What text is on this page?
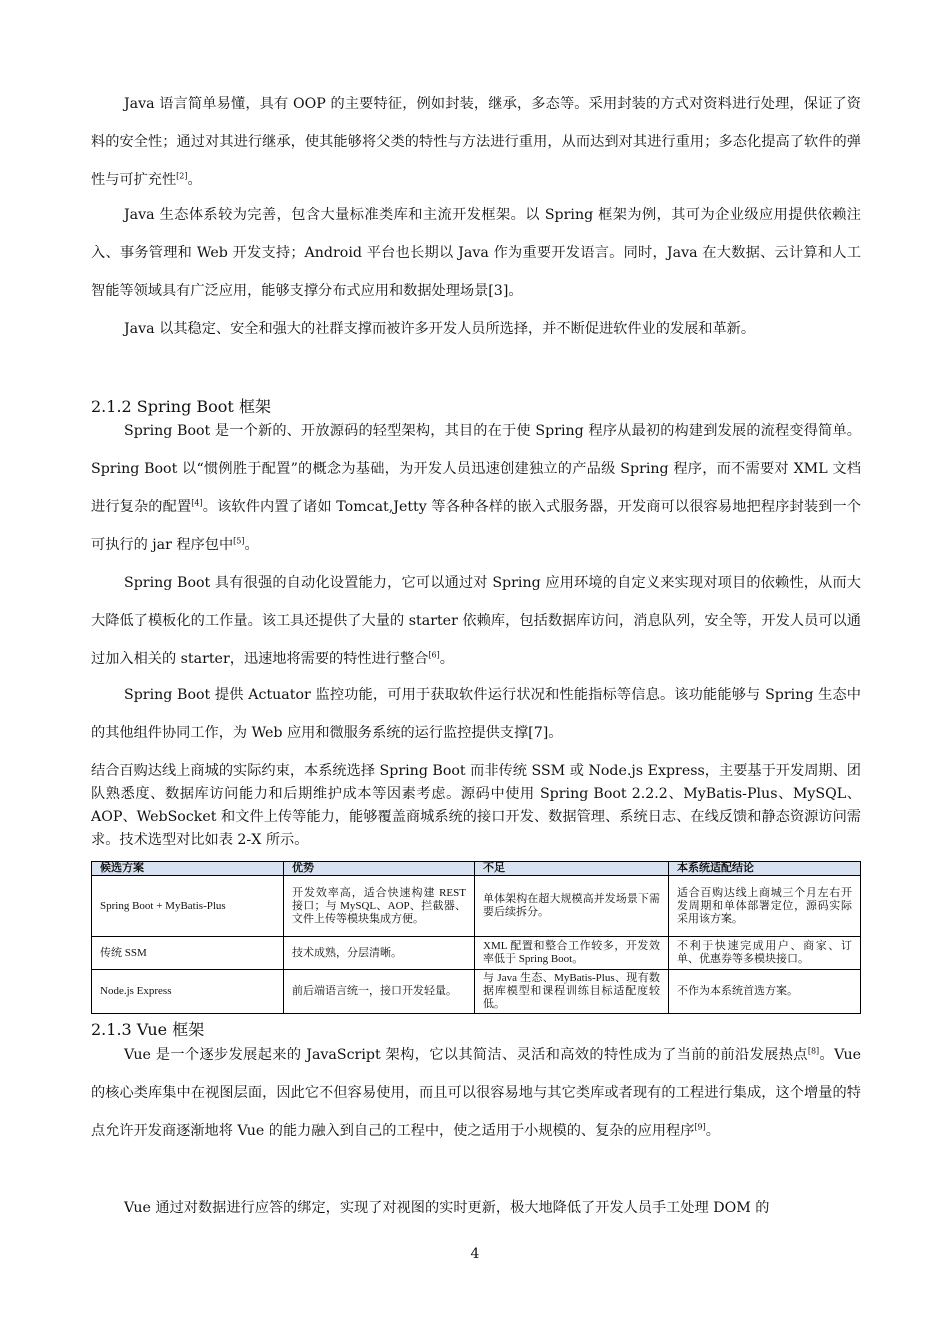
Java 语言简单易懂，具有 OOP 的主要特征，例如封装，继承，多态等。采用封装的方式对资料进行处理，保证了资料的安全性；通过对其进行继承，使其能够将父类的特性与方法进行重用，从而达到对其进行重用；多态化提高了软件的弹性与可扩充性[2]。

Java 生态体系较为完善，包含大量标准类库和主流开发框架。以 Spring 框架为例，其可为企业级应用提供依赖注入、事务管理和 Web 开发支持；Android 平台也长期以 Java 作为重要开发语言。同时，Java 在大数据、云计算和人工智能等领域具有广泛应用，能够支撑分布式应用和数据处理场景[3]。

Java 以其稳定、安全和强大的社群支撑而被许多开发人员所选择，并不断促进软件业的发展和革新。

2.1.2 Spring Boot 框架

Spring Boot 是一个新的、开放源码的轻型架构，其目的在于使 Spring 程序从最初的构建到发展的流程变得简单。Spring Boot 以“惯例胜于配置”的概念为基础，为开发人员迅速创建独立的产品级 Spring 程序，而不需要对 XML 文档进行复杂的配置[4]。该软件内置了诸如 Tomcat,Jetty 等各种各样的嵌入式服务器，开发商可以很容易地把程序封装到一个可执行的 jar 程序包中[5]。

Spring Boot 具有很强的自动化设置能力，它可以通过对 Spring 应用环境的自定义来实现对项目的依赖性，从而大大降低了模板化的工作量。该工具还提供了大量的 starter 依赖库，包括数据库访问，消息队列，安全等，开发人员可以通过加入相关的 starter，迅速地将需要的特性进行整合[6]。

Spring Boot 提供 Actuator 监控功能，可用于获取软件运行状况和性能指标等信息。该功能能够与 Spring 生态中的其他组件协同工作，为 Web 应用和微服务系统的运行监控提供支撑[7]。

结合百购达线上商城的实际约束，本系统选择 Spring Boot 而非传统 SSM 或 Node.js Express，主要基于开发周期、团队熟悉度、数据库访问能力和后期维护成本等因素考虑。源码中使用 Spring Boot 2.2.2、MyBatis-Plus、MySQL、AOP、WebSocket 和文件上传等能力，能够覆盖商城系统的接口开发、数据管理、系统日志、在线反馈和静态资源访问需求。技术选型对比如表 2-X 所示。

候选方案	优势	不足	本系统适配结论
Spring Boot + MyBatis-Plus	开发效率高，适合快速构建 REST 接口；与 MySQL、AOP、拦截器、文件上传等模块集成方便。	单体架构在超大规模高并发场景下需要后续拆分。	适合百购达线上商城三个月左右开发周期和单体部署定位，源码实际采用该方案。
传统 SSM	技术成熟，分层清晰。	XML 配置和整合工作较多，开发效率低于 Spring Boot。	不利于快速完成用户、商家、订单、优惠券等多模块接口。
Node.js Express	前后端语言统一，接口开发轻量。	与 Java 生态、MyBatis-Plus、现有数据库模型和课程训练目标适配度较低。	不作为本系统首选方案。
2.1.3 Vue 框架

Vue 是一个逐步发展起来的 JavaScript 架构，它以其简洁、灵活和高效的特性成为了当前的前沿发展热点[8]。Vue 的核心类库集中在视图层面，因此它不但容易使用，而且可以很容易地与其它类库或者现有的工程进行集成，这个增量的特点允许开发商逐渐地将 Vue 的能力融入到自己的工程中，使之适用于小规模的、复杂的应用程序[9]。

Vue 通过对数据进行应答的绑定，实现了对视图的实时更新，极大地降低了开发人员手工处理 DOM 的

4
